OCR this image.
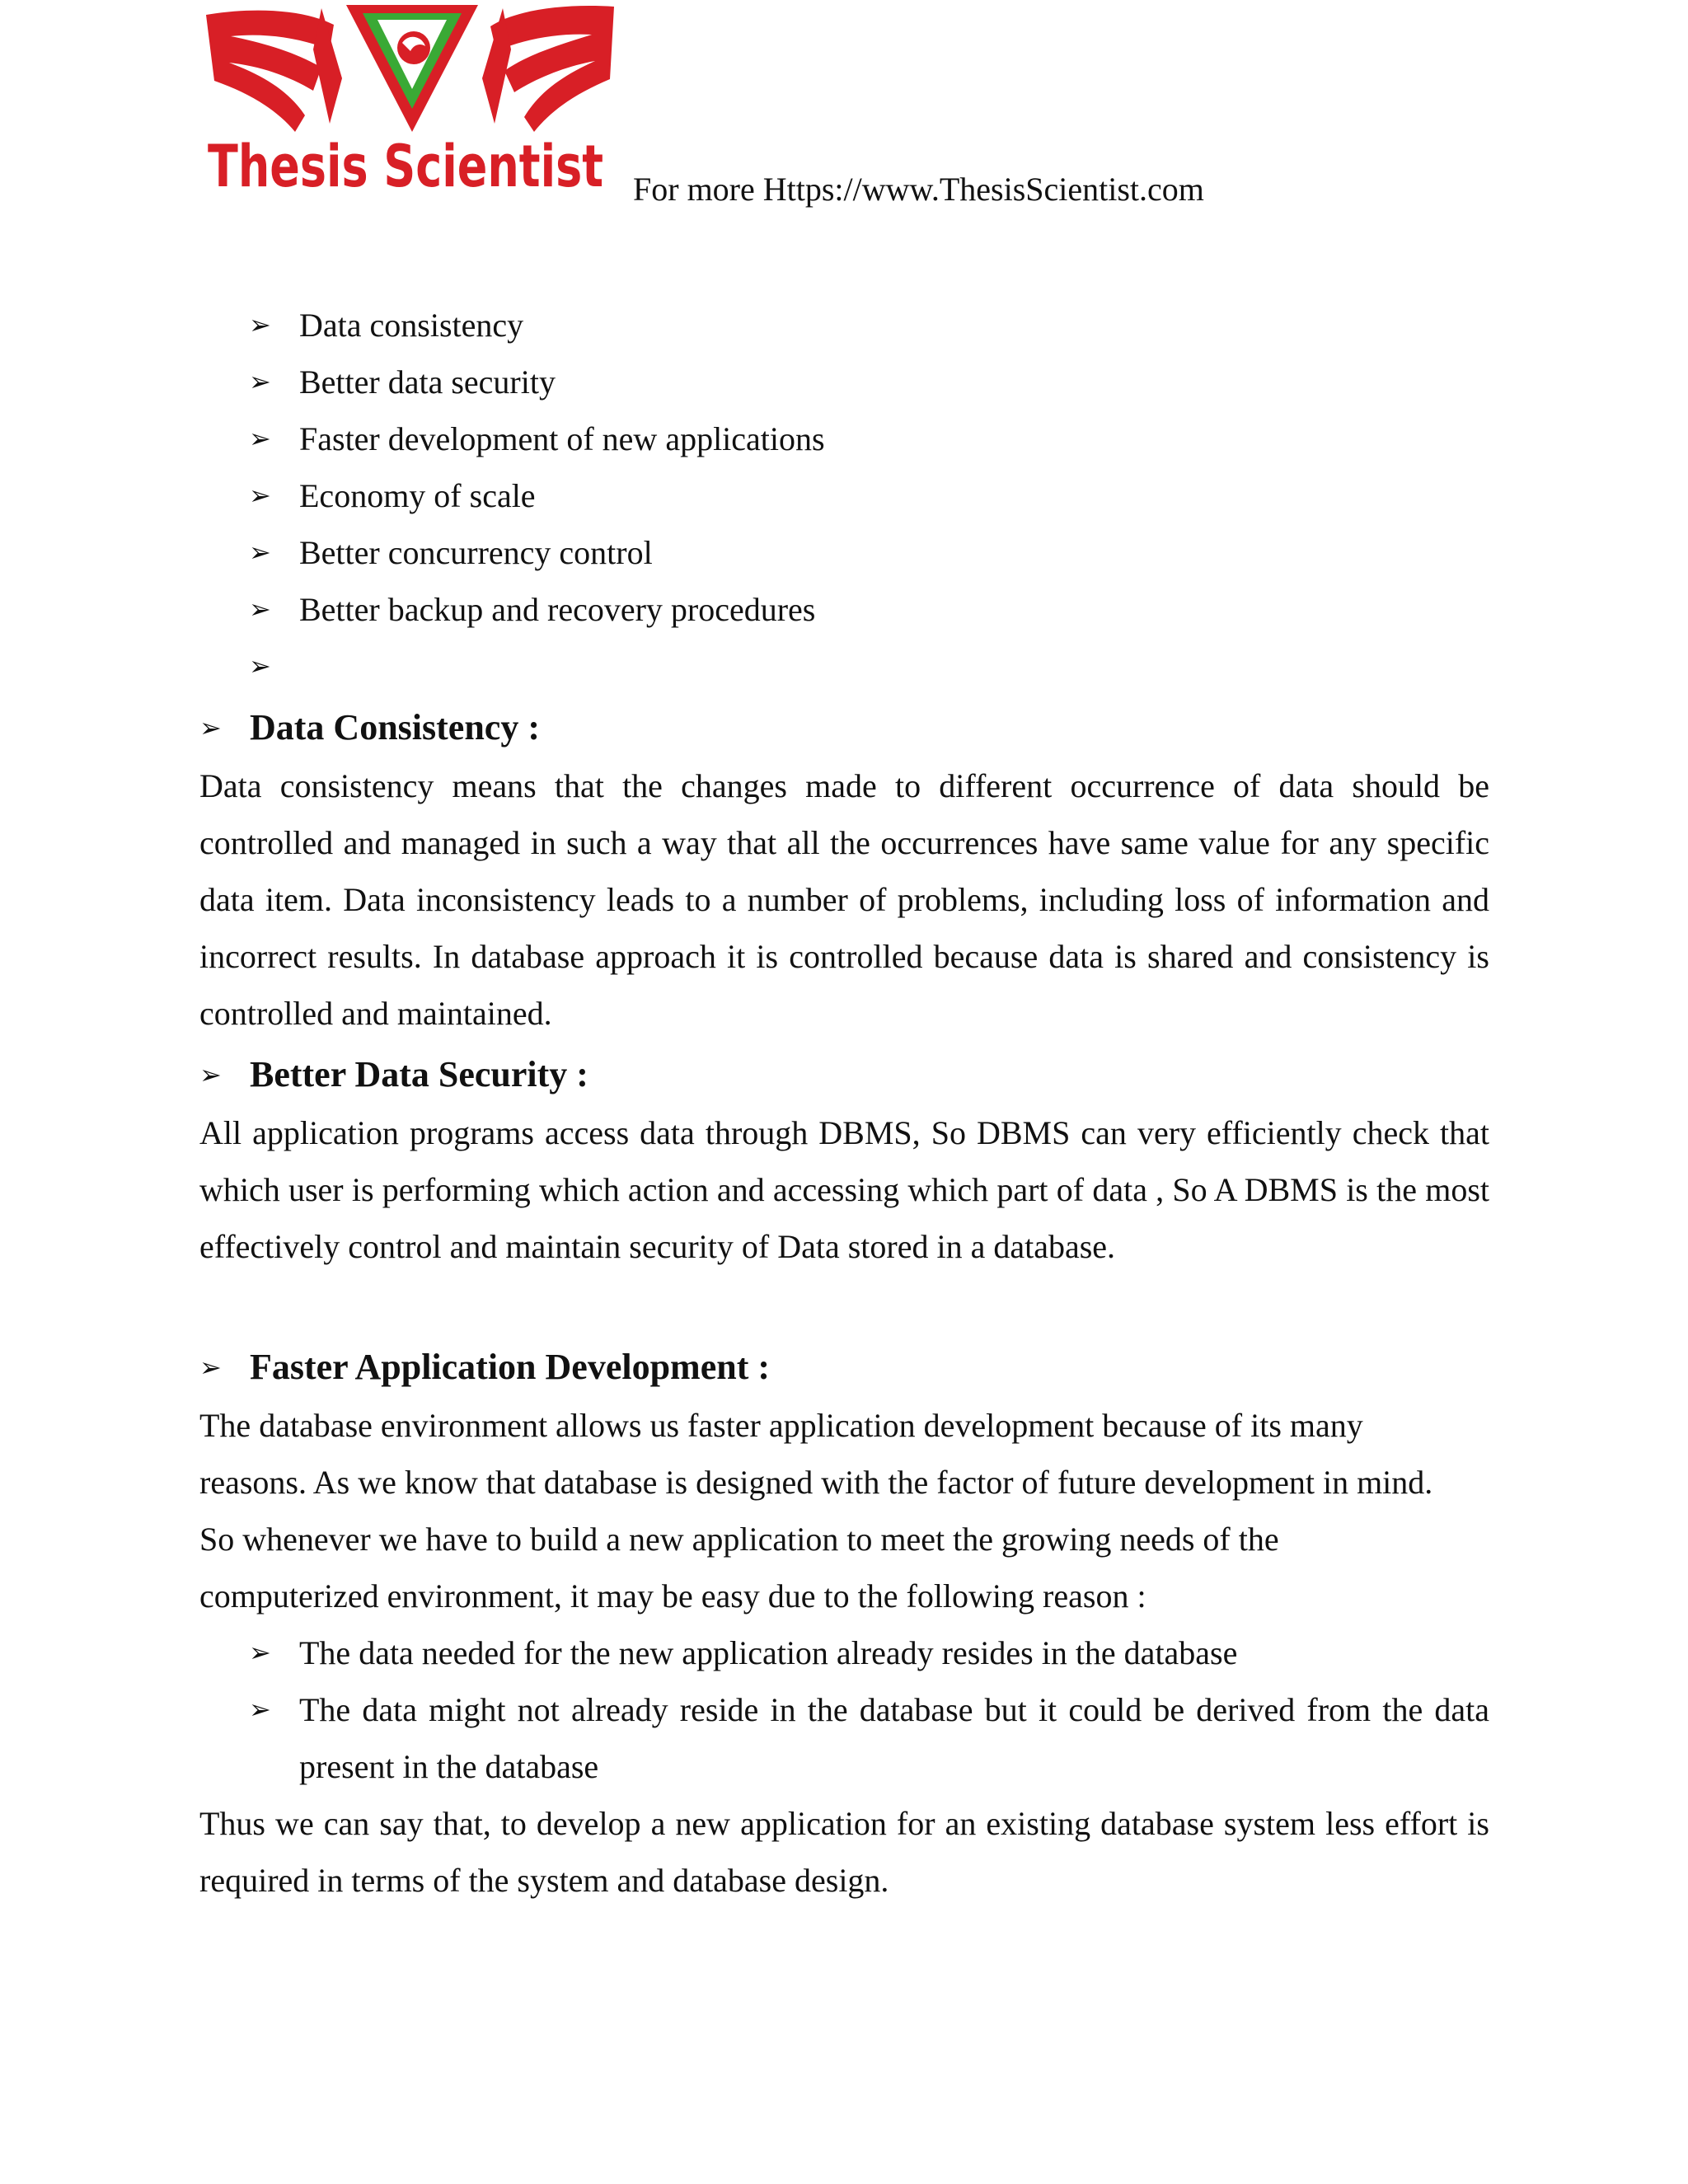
Thesis Scientist For more Https://www.ThesisScientist.com
➢ Data consistency
➢ Better data security
➢ Faster development of new applications
➢ Economy of scale
➢ Better concurrency control
➢ Better backup and recovery procedures
➢
➢ Data Consistency :

Data consistency means that the changes made to different occurrence of data should be controlled and managed in such a way that all the occurrences have same value for any specific data item. Data inconsistency leads to a number of problems, including loss of information and incorrect results. In database approach it is controlled because data is shared and consistency is controlled and maintained.

➢ Better Data Security :

All application programs access data through DBMS, So DBMS can very efficiently check that which user is performing which action and accessing which part of data , So A DBMS is the most effectively control and maintain security of Data stored in a database.

➢ Faster Application Development :

The database environment allows us faster application development because of its many

reasons. As we know that database is designed with the factor of future development in mind.

So whenever we have to build a new application to meet the growing needs of the

computerized environment, it may be easy due to the following reason :

➢ The data needed for the new application already resides in the database
➢ The data might not already reside in the database but it could be derived from the data present in the database

Thus we can say that, to develop a new application for an existing database system less effort is required in terms of the system and database design.
